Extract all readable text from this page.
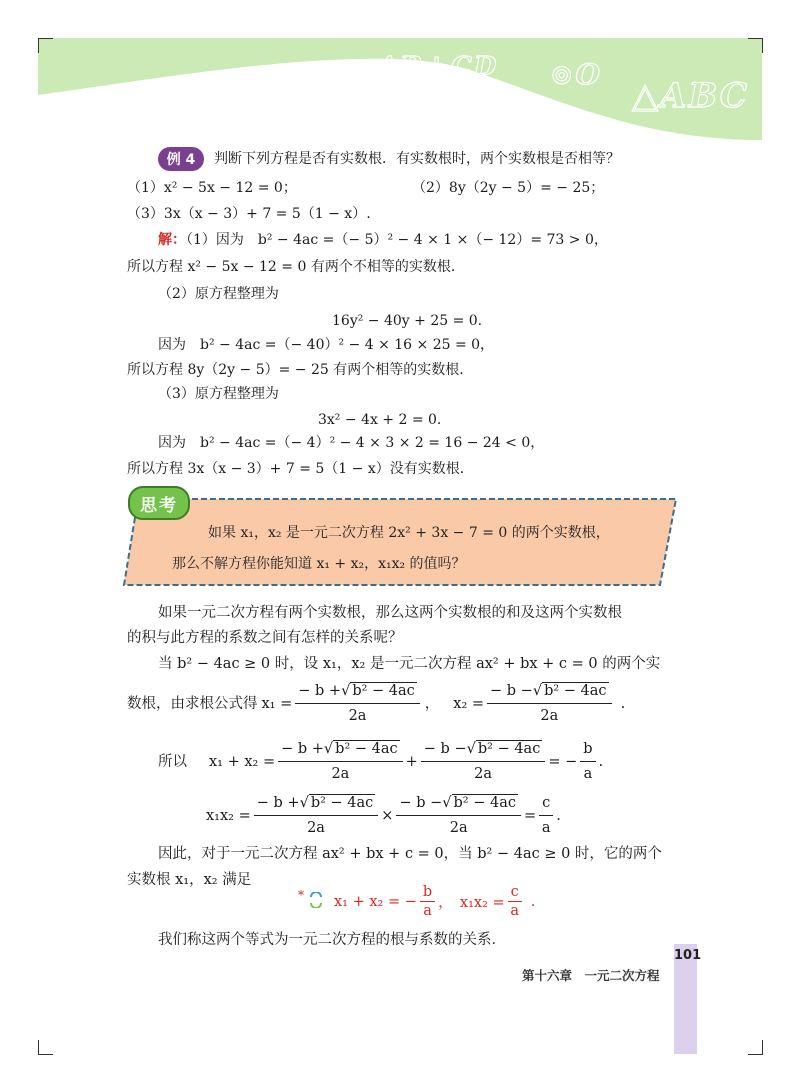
AB⊥CD ⊙O
△ABC
例 4	判断下列方程是否有实数根．有实数根时，两个实数根是否相等？
（1）x² − 5x − 12 = 0；	（2）8y（2y − 5）= − 25；
（3）3x（x − 3）+ 7 = 5（1 − x）.
解：（1）因为　b² − 4ac =（− 5）² − 4 × 1 ×（− 12）= 73 > 0，
所以方程 x² − 5x − 12 = 0 有两个不相等的实数根．
（2）原方程整理为
16y² − 40y + 25 = 0.
因为　b² − 4ac =（− 40）² − 4 × 16 × 25 = 0，
所以方程 8y（2y − 5）= − 25 有两个相等的实数根．
（3）原方程整理为
3x² − 4x + 2 = 0.
因为　b² − 4ac =（− 4）² − 4 × 3 × 2 = 16 − 24 < 0，
所以方程 3x（x − 3）+ 7 = 5（1 − x）没有实数根．
思考
如果 x₁，x₂ 是一元二次方程 2x² + 3x − 7 = 0 的两个实数根，
那么不解方程你能知道 x₁ + x₂，x₁x₂ 的值吗？
如果一元二次方程有两个实数根，那么这两个实数根的和及这两个实数根
的积与此方程的系数之间有怎样的关系呢？
当 b² − 4ac ≥ 0 时，设 x₁，x₂ 是一元二次方程 ax² + bx + c = 0 的两个实
数根，由求根公式得 $x_1 = \frac{\text{− b +√ b² − 4ac}}{2a}$ ， $x_2 = \frac{\text{− b −√ b² − 4ac}}{2a}$ .
所以 $x_1 + x_2 = \frac{\text{− b +√ b² − 4ac}}{2a} + \frac{\text{− b −√ b² − 4ac}}{2a}$ = − $\frac{b}{a}$ .
$x_1x_2 = \frac{\text{− b +√ b² − 4ac}}{2a} \times \frac{\text{− b −√ b² − 4ac}}{2a} = \frac{c}{a}$ .
因此，对于一元二次方程 ax² + bx + c = 0，当 b² − 4ac ≥ 0 时，它的两个
实数根 x₁，x₂ 满足
* x₁ + x₂ = − $\frac{b}{a}$ ，　$x_1x_2 = \frac{c}{a}$ .
我们称这两个等式为一元二次方程的根与系数的关系．
101
第十六章　一元二次方程
